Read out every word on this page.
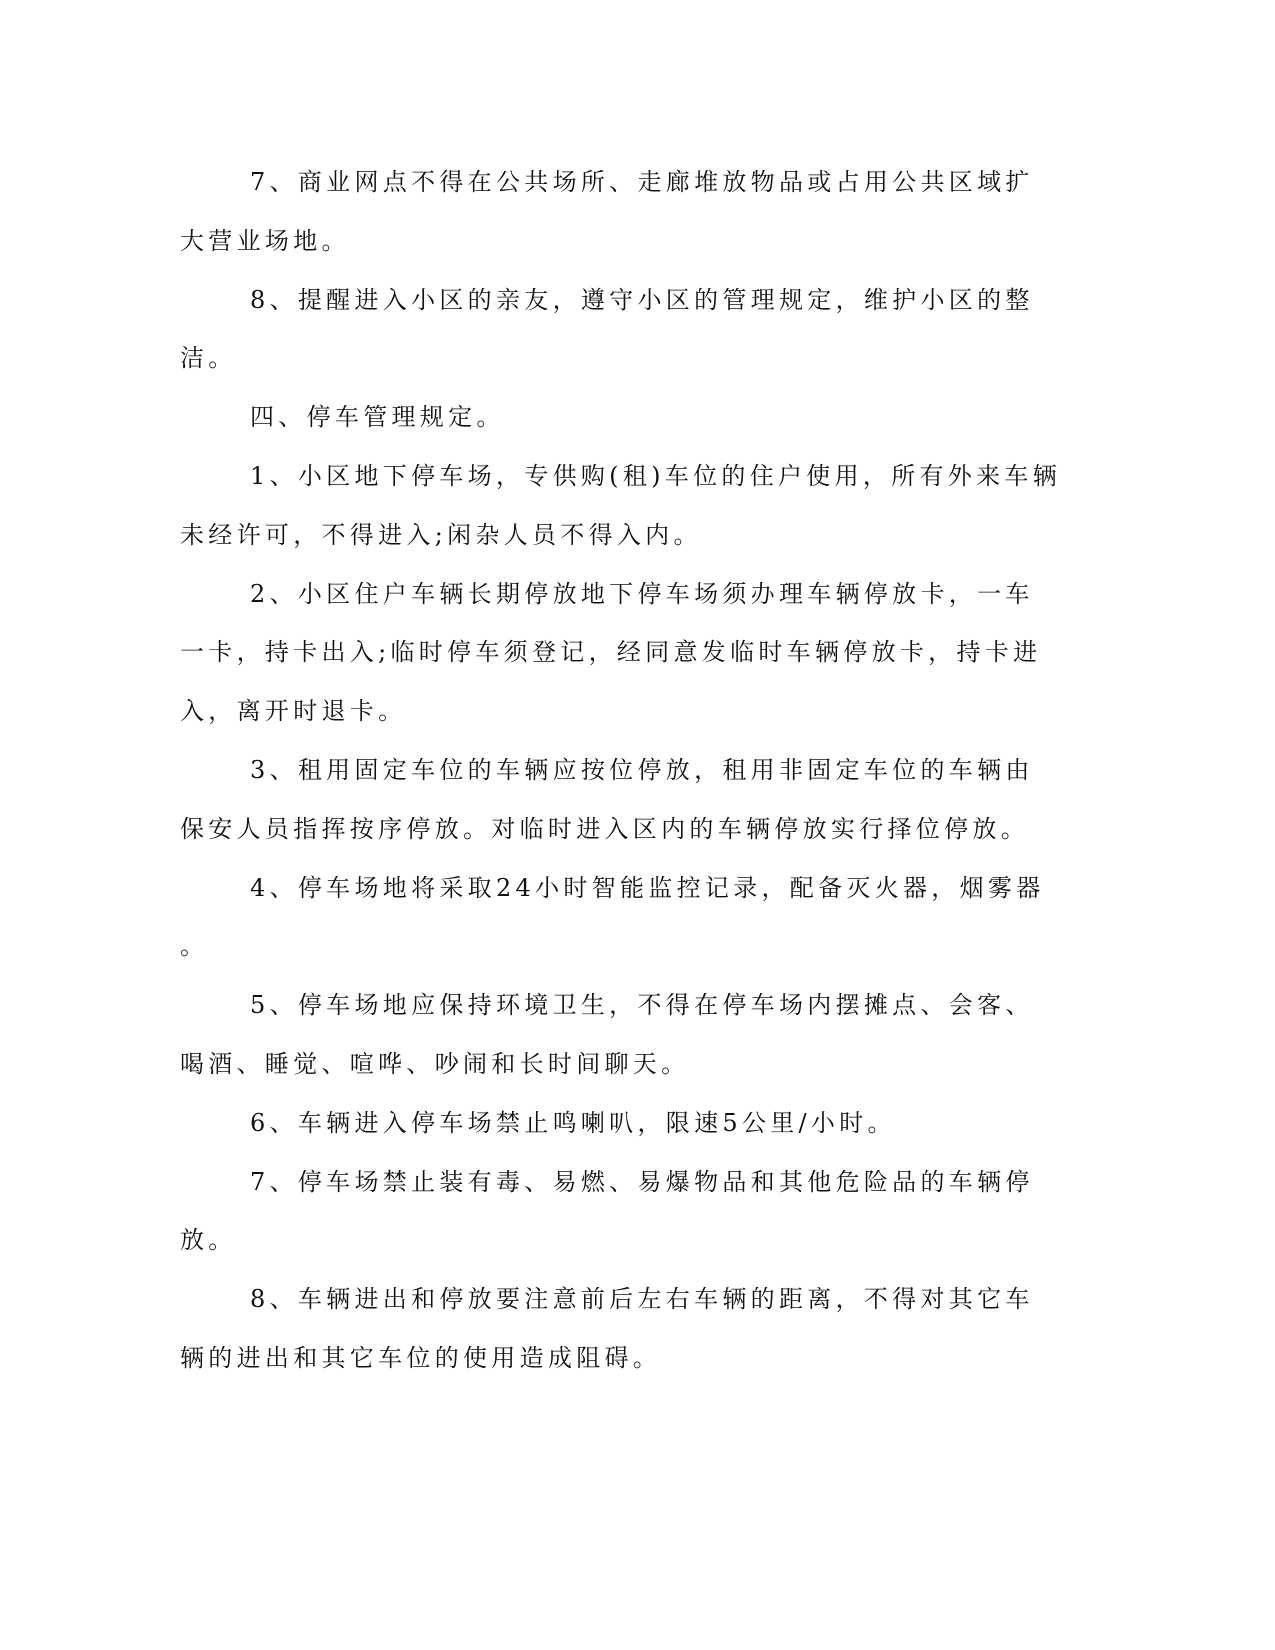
7、商业网点不得在公共场所、走廊堆放物品或占用公共区域扩
大营业场地。
8、提醒进入小区的亲友，遵守小区的管理规定，维护小区的整
洁。
四、停车管理规定。
1、小区地下停车场，专供购(租)车位的住户使用，所有外来车辆
未经许可，不得进入;闲杂人员不得入内。
2、小区住户车辆长期停放地下停车场须办理车辆停放卡，一车
一卡，持卡出入;临时停车须登记，经同意发临时车辆停放卡，持卡进
入，离开时退卡。
3、租用固定车位的车辆应按位停放，租用非固定车位的车辆由
保安人员指挥按序停放。对临时进入区内的车辆停放实行择位停放。
4、停车场地将采取24小时智能监控记录，配备灭火器，烟雾器
。
5、停车场地应保持环境卫生，不得在停车场内摆摊点、会客、
喝酒、睡觉、喧哗、吵闹和长时间聊天。
6、车辆进入停车场禁止鸣喇叭，限速5公里/小时。
7、停车场禁止装有毒、易燃、易爆物品和其他危险品的车辆停
放。
8、车辆进出和停放要注意前后左右车辆的距离，不得对其它车
辆的进出和其它车位的使用造成阻碍。
